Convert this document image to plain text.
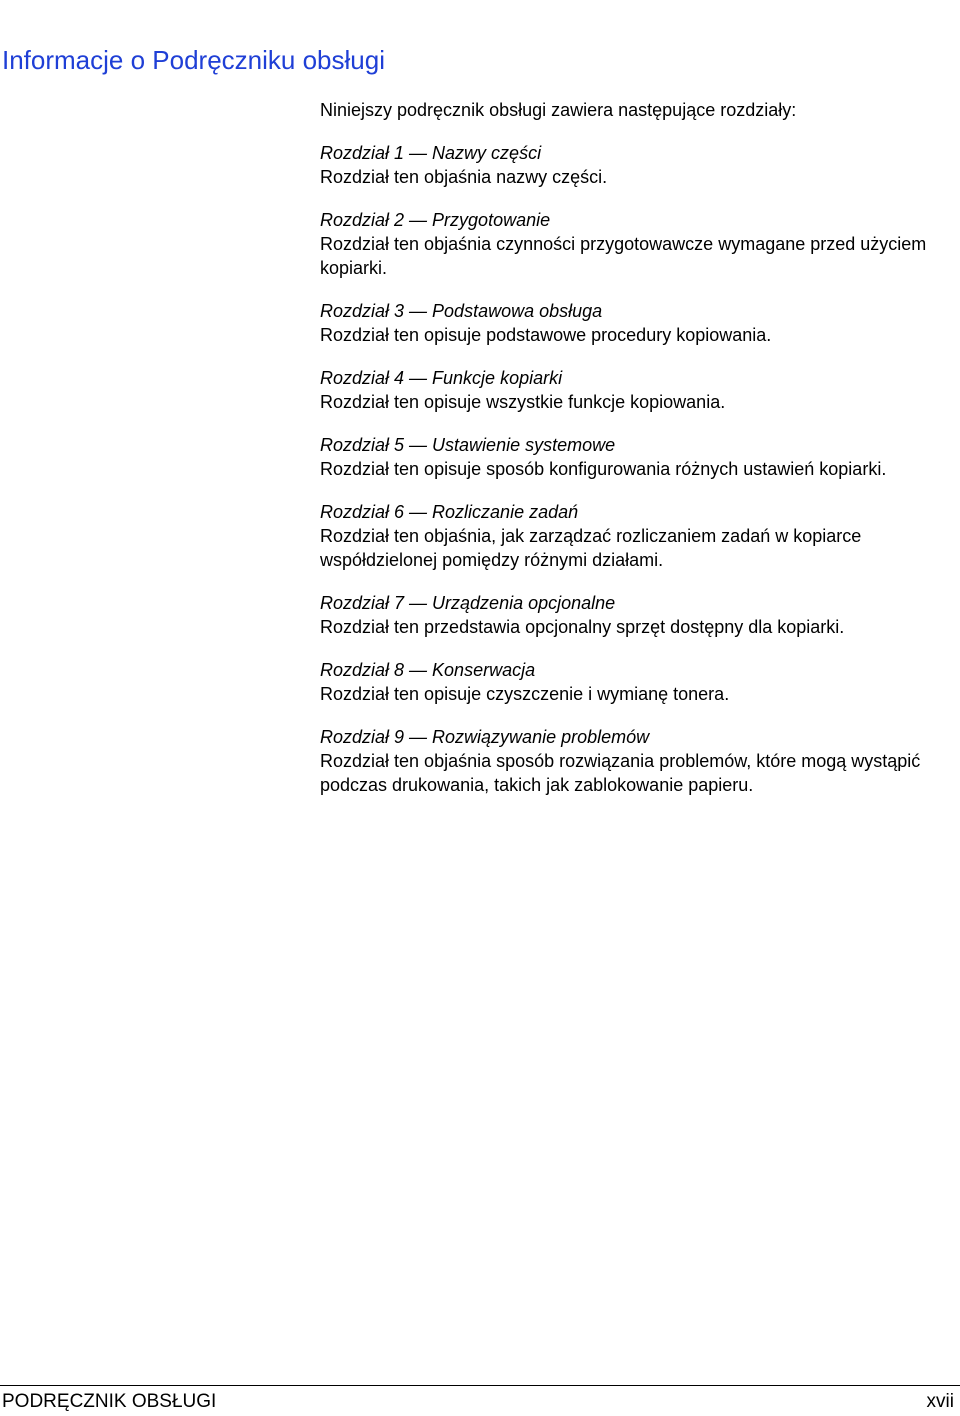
Informacje o Podręczniku obsługi

Niniejszy podręcznik obsługi zawiera następujące rozdziały:

Rozdział 1 — Nazwy części

Rozdział ten objaśnia nazwy części.

Rozdział 2 — Przygotowanie

Rozdział ten objaśnia czynności przygotowawcze wymagane przed użyciem kopiarki.

Rozdział 3 — Podstawowa obsługa

Rozdział ten opisuje podstawowe procedury kopiowania.

Rozdział 4 — Funkcje kopiarki

Rozdział ten opisuje wszystkie funkcje kopiowania.

Rozdział 5 — Ustawienie systemowe

Rozdział ten opisuje sposób konfigurowania różnych ustawień kopiarki.

Rozdział 6 — Rozliczanie zadań

Rozdział ten objaśnia, jak zarządzać rozliczaniem zadań w kopiarce współdzielonej pomiędzy różnymi działami.

Rozdział 7 — Urządzenia opcjonalne

Rozdział ten przedstawia opcjonalny sprzęt dostępny dla kopiarki.

Rozdział 8 — Konserwacja

Rozdział ten opisuje czyszczenie i wymianę tonera.

Rozdział 9 — Rozwiązywanie problemów

Rozdział ten objaśnia sposób rozwiązania problemów, które mogą wystąpić podczas drukowania, takich jak zablokowanie papieru.

PODRĘCZNIK OBSŁUGI	xvii
